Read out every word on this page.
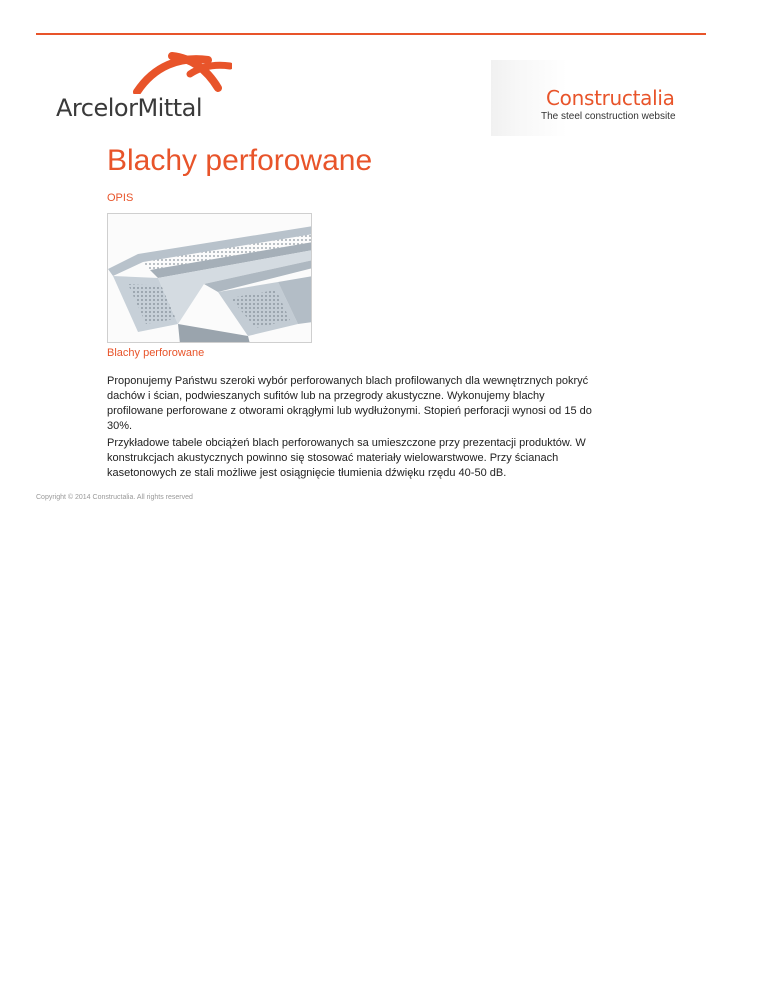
ArcelorMittal	Constructalia
The steel construction website
Blachy perforowane
OPIS
Blachy perforowane

Proponujemy Państwu szeroki wybór perforowanych blach profilowanych dla wewnętrznych pokryć dachów i ścian, podwieszanych sufitów lub na przegrody akustyczne. Wykonujemy blachy profilowane perforowane z otworami okrągłymi lub wydłużonymi. Stopień perforacji wynosi od 15 do 30%.

Przykładowe tabele obciążeń blach perforowanych sa umieszczone przy prezentacji produktów. W konstrukcjach akustycznych powinno się stosować materiały wielowarstwowe. Przy ścianach kasetonowych ze stali możliwe jest osiągnięcie tłumienia dźwięku rzędu 40-50 dB.

Copyright © 2014 Constructalia. All rights reserved
